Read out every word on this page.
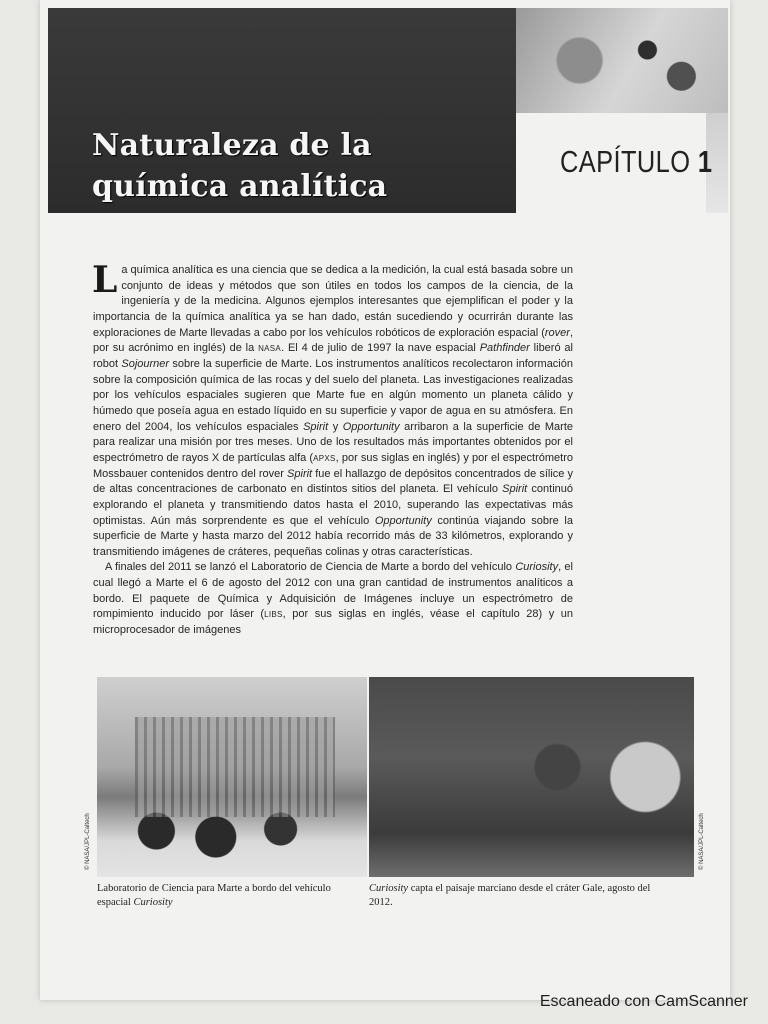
Naturaleza de la
química analítica
CAPÍTULO 1

La química analítica es una ciencia que se dedica a la medición, la cual está basada sobre un conjunto de ideas y métodos que son útiles en todos los campos de la ciencia, de la ingeniería y de la medicina. Algunos ejemplos interesantes que ejemplifican el poder y la importancia de la química analítica ya se han dado, están sucediendo y ocurrirán durante las exploraciones de Marte llevadas a cabo por los vehículos robóticos de exploración espacial (rover, por su acrónimo en inglés) de la NASA. El 4 de julio de 1997 la nave espacial Pathfinder liberó al robot Sojourner sobre la superficie de Marte. Los instrumentos analíticos recolectaron información sobre la composición química de las rocas y del suelo del planeta. Las investigaciones realizadas por los vehículos espaciales sugieren que Marte fue en algún momento un planeta cálido y húmedo que poseía agua en estado líquido en su superficie y vapor de agua en su atmósfera. En enero del 2004, los vehículos espaciales Spirit y Opportunity arribaron a la superficie de Marte para realizar una misión por tres meses. Uno de los resultados más importantes obtenidos por el espectrómetro de rayos X de partículas alfa (APXS, por sus siglas en inglés) y por el espectrómetro Mossbauer contenidos dentro del rover Spirit fue el hallazgo de depósitos concentrados de sílice y de altas concentraciones de carbonato en distintos sitios del planeta. El vehículo Spirit continuó explorando el planeta y transmitiendo datos hasta el 2010, superando las expectativas más optimistas. Aún más sorprendente es que el vehículo Opportunity continúa viajando sobre la superficie de Marte y hasta marzo del 2012 había recorrido más de 33 kilómetros, explorando y transmitiendo imágenes de cráteres, pequeñas colinas y otras características.

A finales del 2011 se lanzó el Laboratorio de Ciencia de Marte a bordo del vehículo Curiosity, el cual llegó a Marte el 6 de agosto del 2012 con una gran cantidad de instrumentos analíticos a bordo. El paquete de Química y Adquisición de Imágenes incluye un espectrómetro de rompimiento inducido por láser (LIBS, por sus siglas en inglés, véase el capítulo 28) y un microprocesador de imágenes

© NASA/JPL-Caltech	© NASA/JPL-Caltech
Laboratorio de Ciencia para Marte a bordo del vehículo espacial Curiosity
Curiosity capta el paisaje marciano desde el cráter Gale, agosto del 2012.
Escaneado con CamScanner
